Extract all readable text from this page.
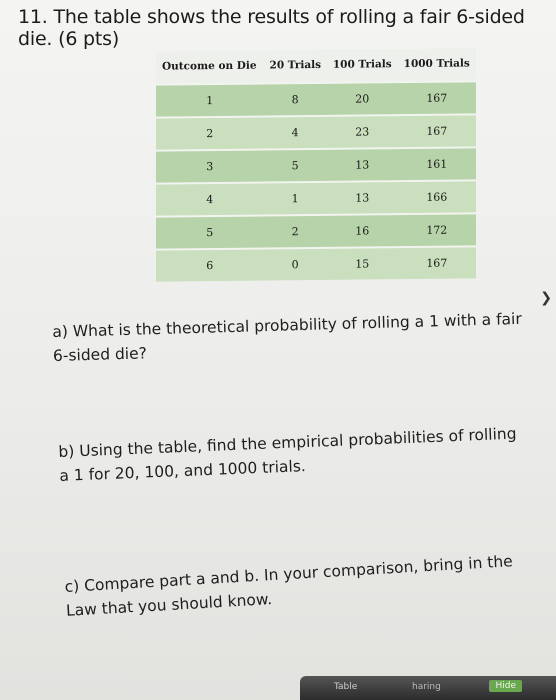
11. The table shows the results of rolling a fair 6-sided die. (6 pts)
Outcome on Die	20 Trials	100 Trials	1000 Trials
1	8	20	167
2	4	23	167
3	5	13	161
4	1	13	166
5	2	16	172
6	0	15	167
a) What is the theoretical probability of rolling a 1 with a fair 6-sided die?
b) Using the table, find the empirical probabilities of rolling a 1 for 20, 100, and 1000 trials.
c) Compare part a and b. In your comparison, bring in the Law that you should know.
❯
Table	haring	Hide
